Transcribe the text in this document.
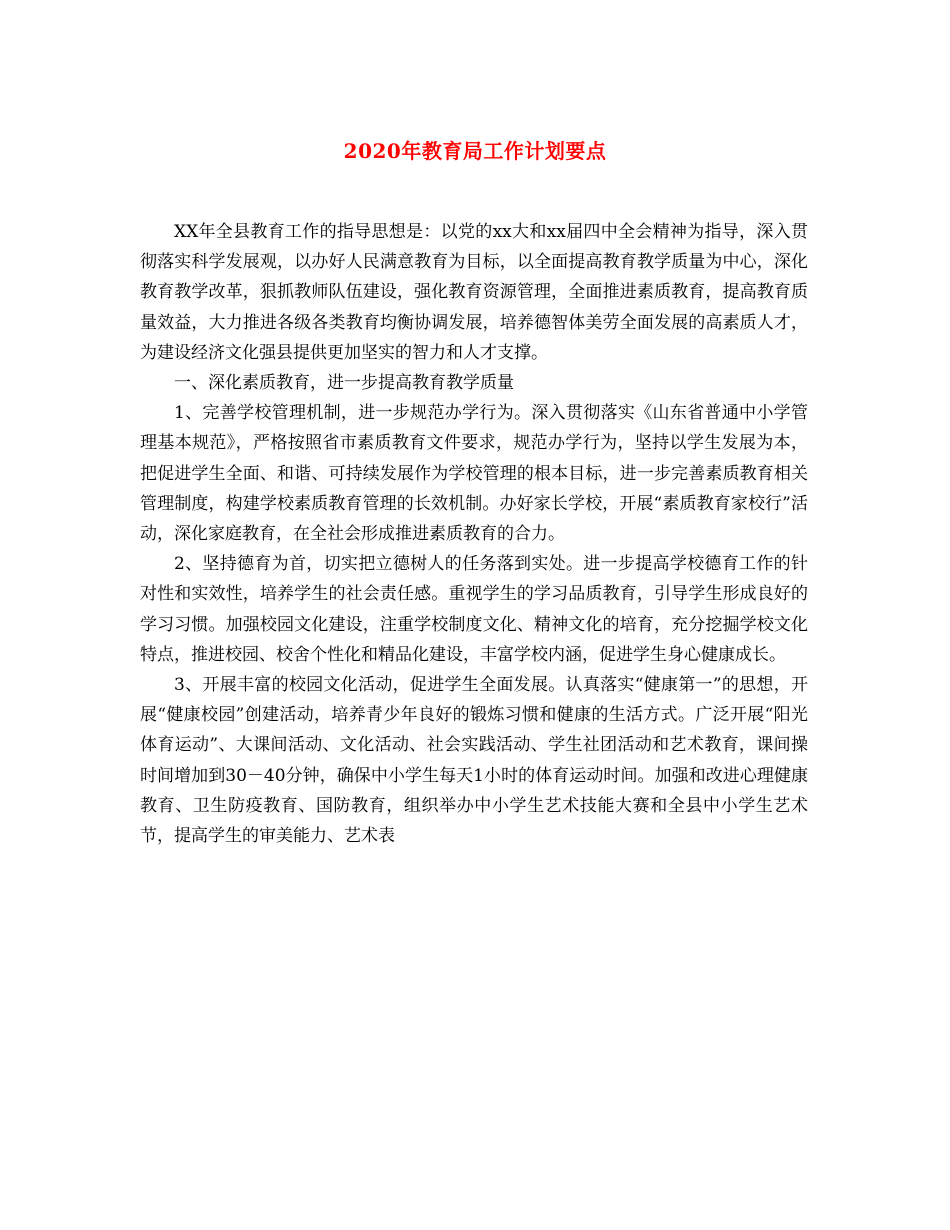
2020年教育局工作计划要点

XX年全县教育工作的指导思想是：以党的xx大和xx届四中全会精神为指导，深入贯彻落实科学发展观，以办好人民满意教育为目标，以全面提高教育教学质量为中心，深化教育教学改革，狠抓教师队伍建设，强化教育资源管理，全面推进素质教育，提高教育质量效益，大力推进各级各类教育均衡协调发展，培养德智体美劳全面发展的高素质人才，为建设经济文化强县提供更加坚实的智力和人才支撑。

一、深化素质教育，进一步提高教育教学质量

1、完善学校管理机制，进一步规范办学行为。深入贯彻落实《山东省普通中小学管理基本规范》，严格按照省市素质教育文件要求，规范办学行为，坚持以学生发展为本，把促进学生全面、和谐、可持续发展作为学校管理的根本目标，进一步完善素质教育相关管理制度，构建学校素质教育管理的长效机制。办好家长学校，开展“素质教育家校行”活动，深化家庭教育，在全社会形成推进素质教育的合力。

2、坚持德育为首，切实把立德树人的任务落到实处。进一步提高学校德育工作的针对性和实效性，培养学生的社会责任感。重视学生的学习品质教育，引导学生形成良好的学习习惯。加强校园文化建设，注重学校制度文化、精神文化的培育，充分挖掘学校文化特点，推进校园、校舍个性化和精品化建设，丰富学校内涵，促进学生身心健康成长。

3、开展丰富的校园文化活动，促进学生全面发展。认真落实“健康第一”的思想，开展“健康校园”创建活动，培养青少年良好的锻炼习惯和健康的生活方式。广泛开展“阳光体育运动”、大课间活动、文化活动、社会实践活动、学生社团活动和艺术教育，课间操时间增加到30－40分钟，确保中小学生每天1小时的体育运动时间。加强和改进心理健康教育、卫生防疫教育、国防教育，组织举办中小学生艺术技能大赛和全县中小学生艺术节，提高学生的审美能力、艺术表
